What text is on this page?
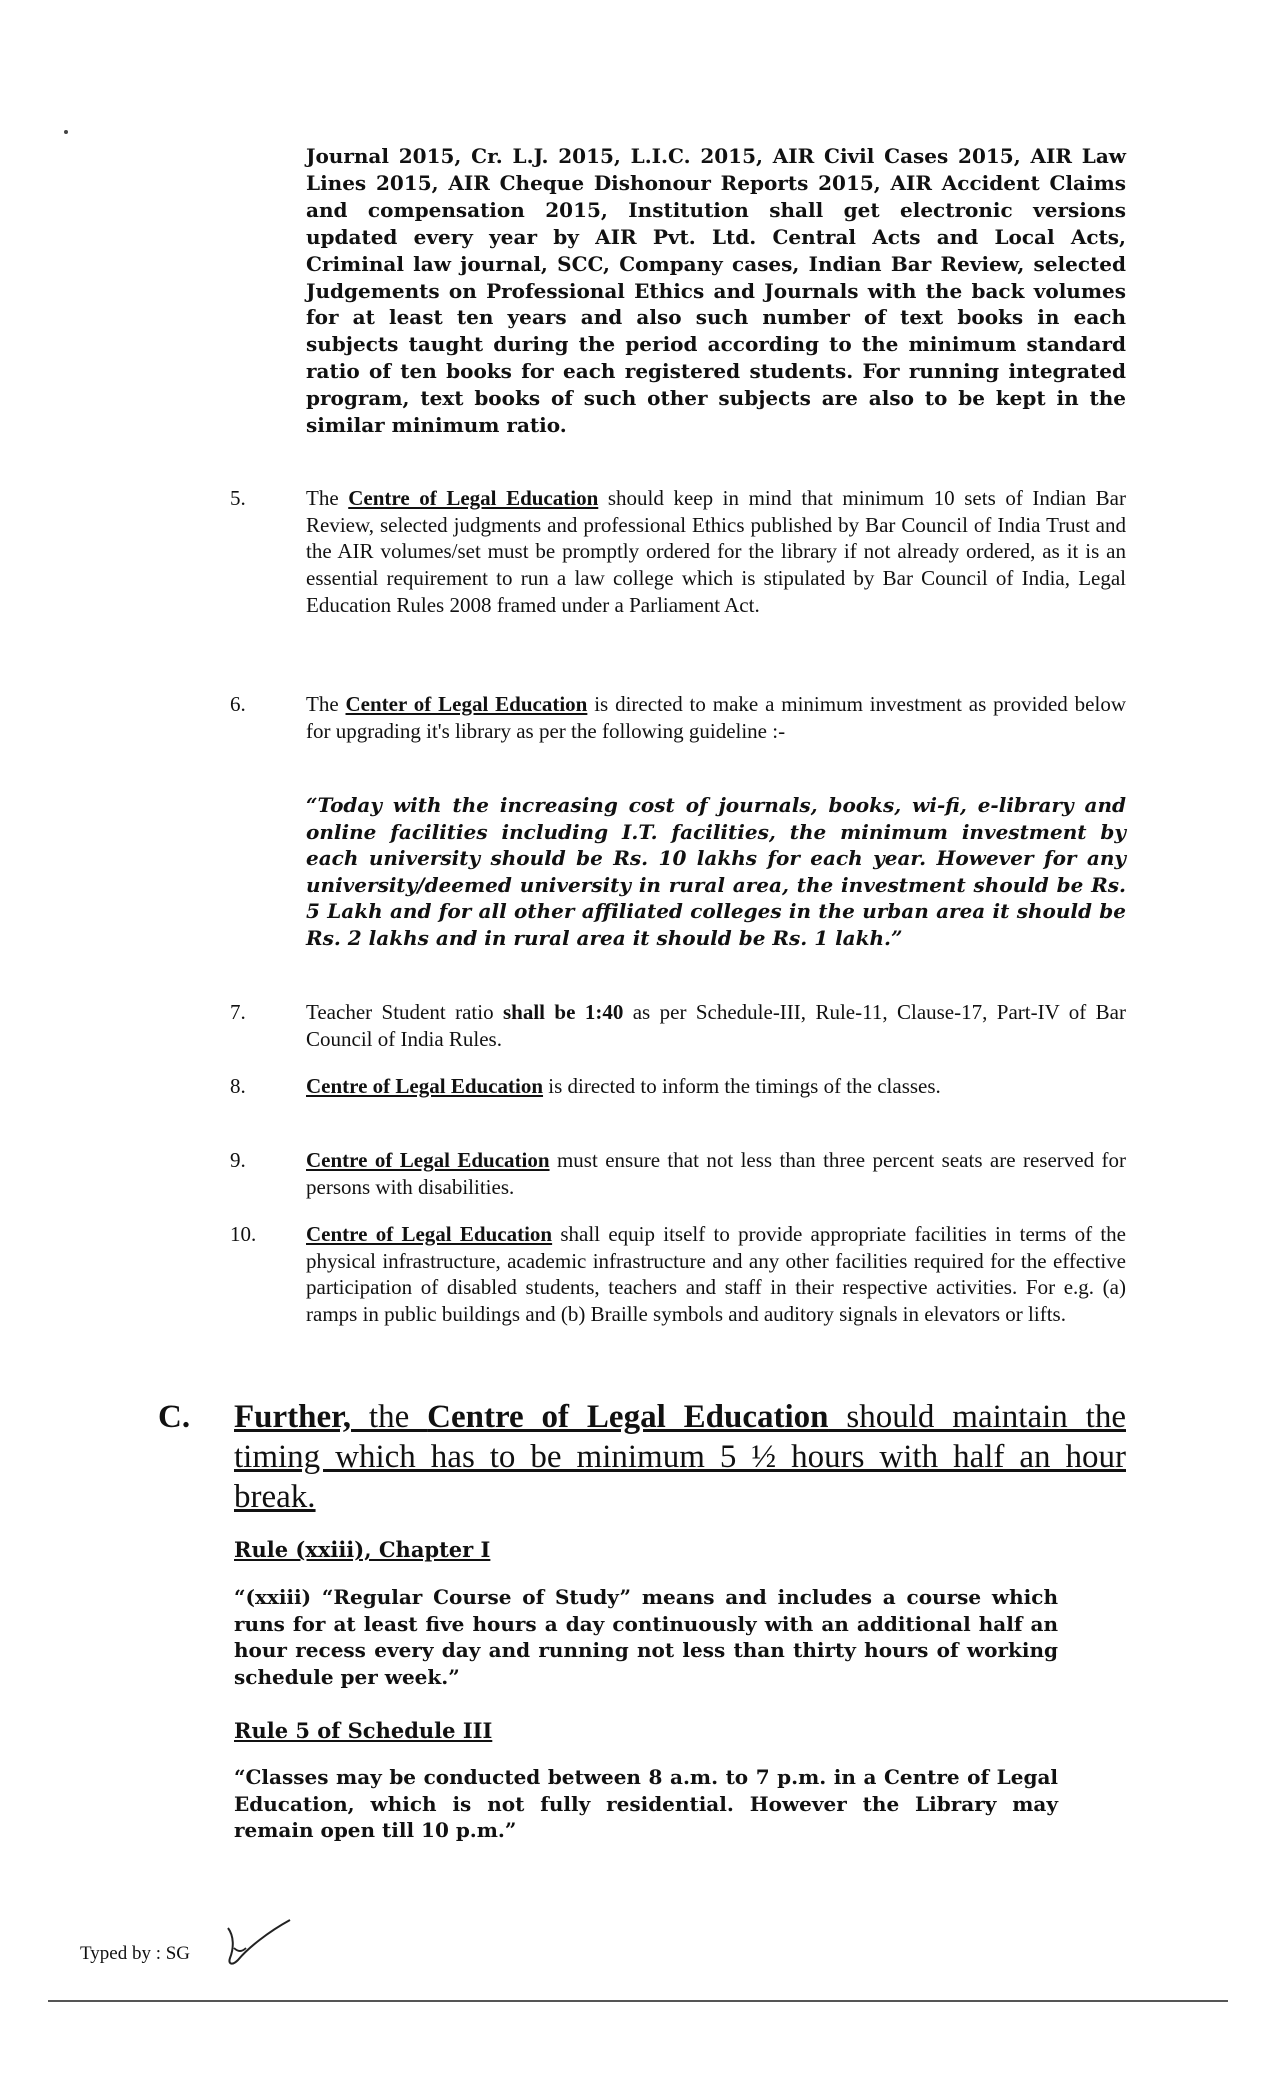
Journal 2015, Cr. L.J. 2015, L.I.C. 2015, AIR Civil Cases 2015, AIR Law Lines 2015, AIR Cheque Dishonour Reports 2015, AIR Accident Claims and compensation 2015, Institution shall get electronic versions updated every year by AIR Pvt. Ltd. Central Acts and Local Acts, Criminal law journal, SCC, Company cases, Indian Bar Review, selected Judgements on Professional Ethics and Journals with the back volumes for at least ten years and also such number of text books in each subjects taught during the period according to the minimum standard ratio of ten books for each registered students. For running integrated program, text books of such other subjects are also to be kept in the similar minimum ratio.

5.	The Centre of Legal Education should keep in mind that minimum 10 sets of Indian Bar Review, selected judgments and professional Ethics published by Bar Council of India Trust and the AIR volumes/set must be promptly ordered for the library if not already ordered, as it is an essential requirement to run a law college which is stipulated by Bar Council of India, Legal Education Rules 2008 framed under a Parliament Act.
6.	The Center of Legal Education is directed to make a minimum investment as provided below for upgrading it's library as per the following guideline :-

“Today with the increasing cost of journals, books, wi-fi, e-library and online facilities including I.T. facilities, the minimum investment by each university should be Rs. 10 lakhs for each year. However for any university/deemed university in rural area, the investment should be Rs. 5 Lakh and for all other affiliated colleges in the urban area it should be Rs. 2 lakhs and in rural area it should be Rs. 1 lakh.”

7.	Teacher Student ratio shall be 1:40 as per Schedule-III, Rule-11, Clause-17, Part-IV of Bar Council of India Rules.
8.	Centre of Legal Education is directed to inform the timings of the classes.
9.	Centre of Legal Education must ensure that not less than three percent seats are reserved for persons with disabilities.
10.	Centre of Legal Education shall equip itself to provide appropriate facilities in terms of the physical infrastructure, academic infrastructure and any other facilities required for the effective participation of disabled students, teachers and staff in their respective activities. For e.g. (a) ramps in public buildings and (b) Braille symbols and auditory signals in elevators or lifts.
C. Further, the Centre of Legal Education should maintain the timing which has to be minimum 5 ½ hours with half an hour break.
Rule (xxiii), Chapter I

“(xxiii) “Regular Course of Study” means and includes a course which runs for at least five hours a day continuously with an additional half an hour recess every day and running not less than thirty hours of working schedule per week.”

Rule 5 of Schedule III

“Classes may be conducted between 8 a.m. to 7 p.m. in a Centre of Legal Education, which is not fully residential. However the Library may remain open till 10 p.m.”

Typed by : SG
